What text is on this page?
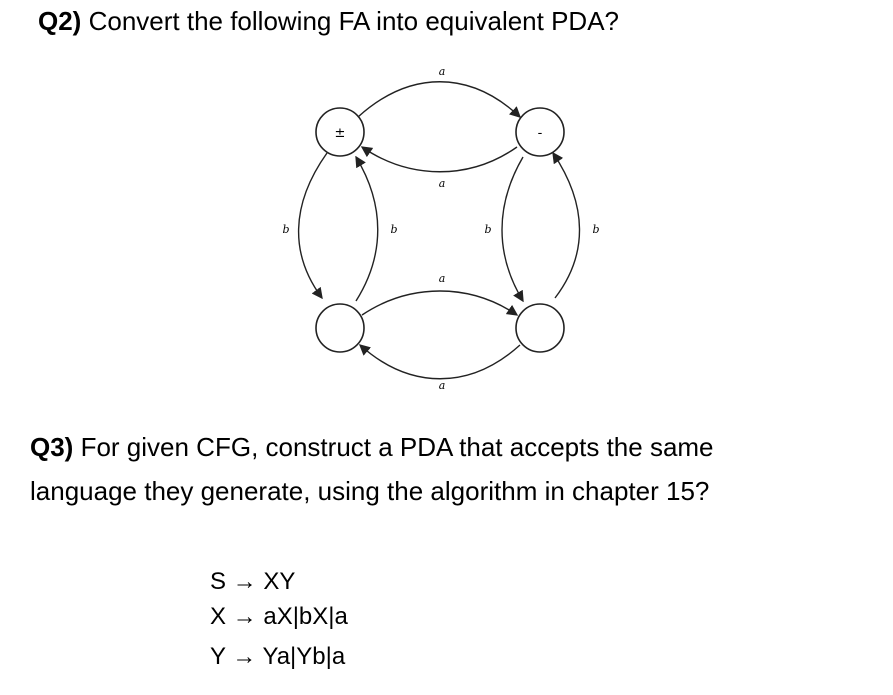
Q2) Convert the following FA into equivalent PDA?
±	-
a
a
a
a
b	b	b	b
Q3) For given CFG, construct a PDA that accepts the same
language they generate, using the algorithm in chapter 15?
S → XY
X → aX|bX|a
Y → Ya|Yb|a
